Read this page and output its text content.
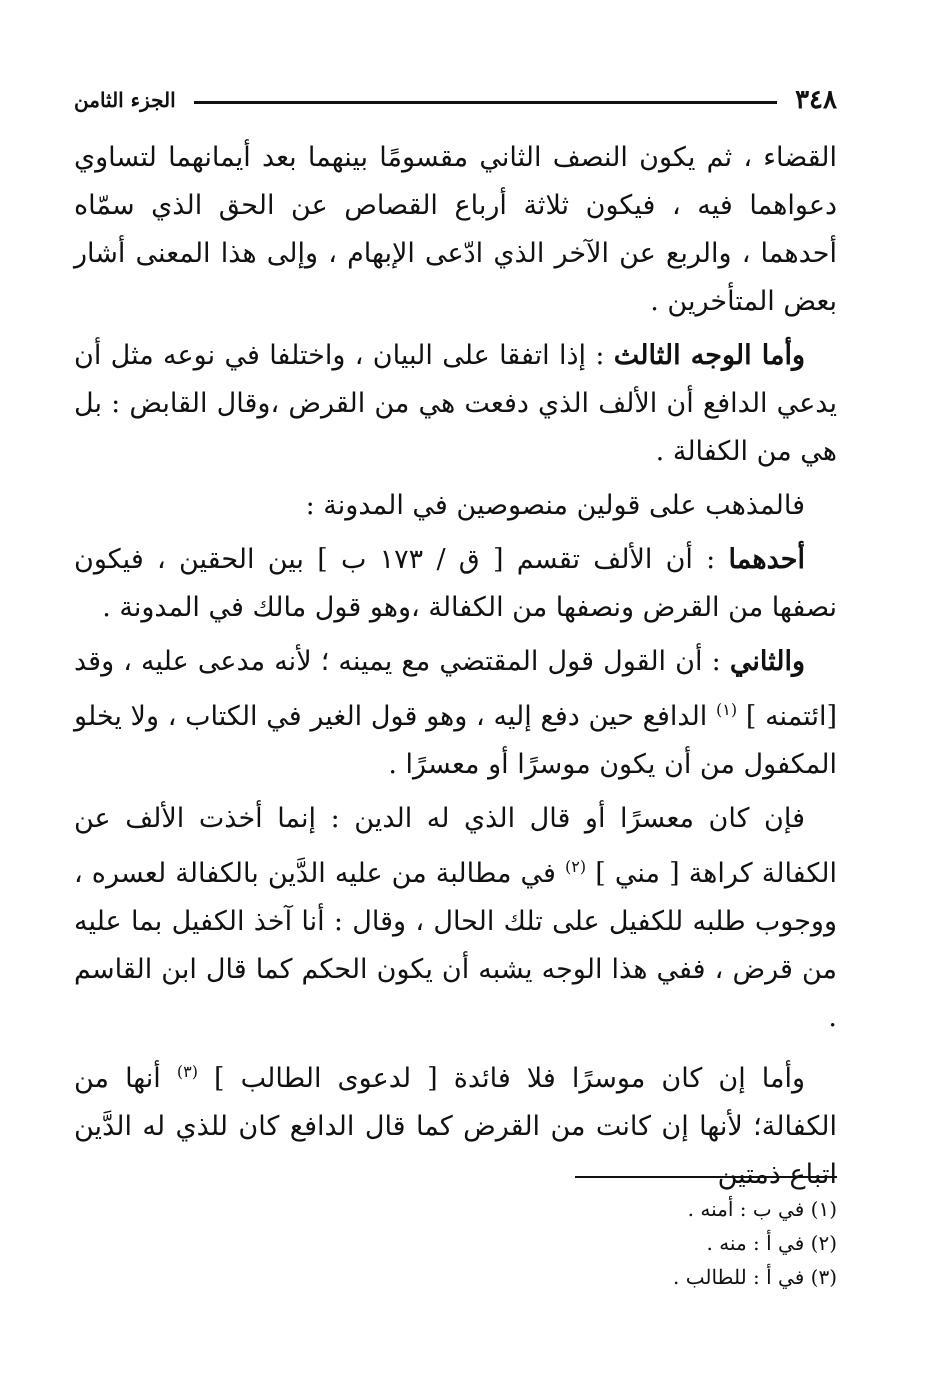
٣٤٨
الجزء الثامن

القضاء ، ثم يكون النصف الثاني مقسومًا بينهما بعد أيمانهما لتساوي دعواهما فيه ، فيكون ثلاثة أرباع القصاص عن الحق الذي سمّاه أحدهما ، والربع عن الآخر الذي ادّعى الإبهام ، وإلى هذا المعنى أشار بعض المتأخرين .

وأما الوجه الثالث : إذا اتفقا على البيان ، واختلفا في نوعه مثل أن يدعي الدافع أن الألف الذي دفعت هي من القرض ،وقال القابض : بل هي من الكفالة .

فالمذهب على قولين منصوصين في المدونة :

أحدهما : أن الألف تقسم [ ق / ١٧٣ ب ] بين الحقين ، فيكون نصفها من القرض ونصفها من الكفالة ،وهو قول مالك في المدونة .

والثاني : أن القول قول المقتضي مع يمينه ؛ لأنه مدعى عليه ، وقد [ائتمنه ] $^{(١)}$ الدافع حين دفع إليه ، وهو قول الغير في الكتاب ، ولا يخلو المكفول من أن يكون موسرًا أو معسرًا .

فإن كان معسرًا أو قال الذي له الدين : إنما أخذت الألف عن الكفالة كراهة [ مني ] $^{(٢)}$ في مطالبة من عليه الدَّين بالكفالة لعسره ، ووجوب طلبه للكفيل على تلك الحال ، وقال : أنا آخذ الكفيل بما عليه من قرض ، ففي هذا الوجه يشبه أن يكون الحكم كما قال ابن القاسم .

وأما إن كان موسرًا فلا فائدة [ لدعوى الطالب ] $^{(٣)}$ أنها من الكفالة؛ لأنها إن كانت من القرض كما قال الدافع كان للذي له الدَّين اتباع ذمتين

(١) في ب : أمنه .
(٢) في أ : منه .
(٣) في أ : للطالب .
